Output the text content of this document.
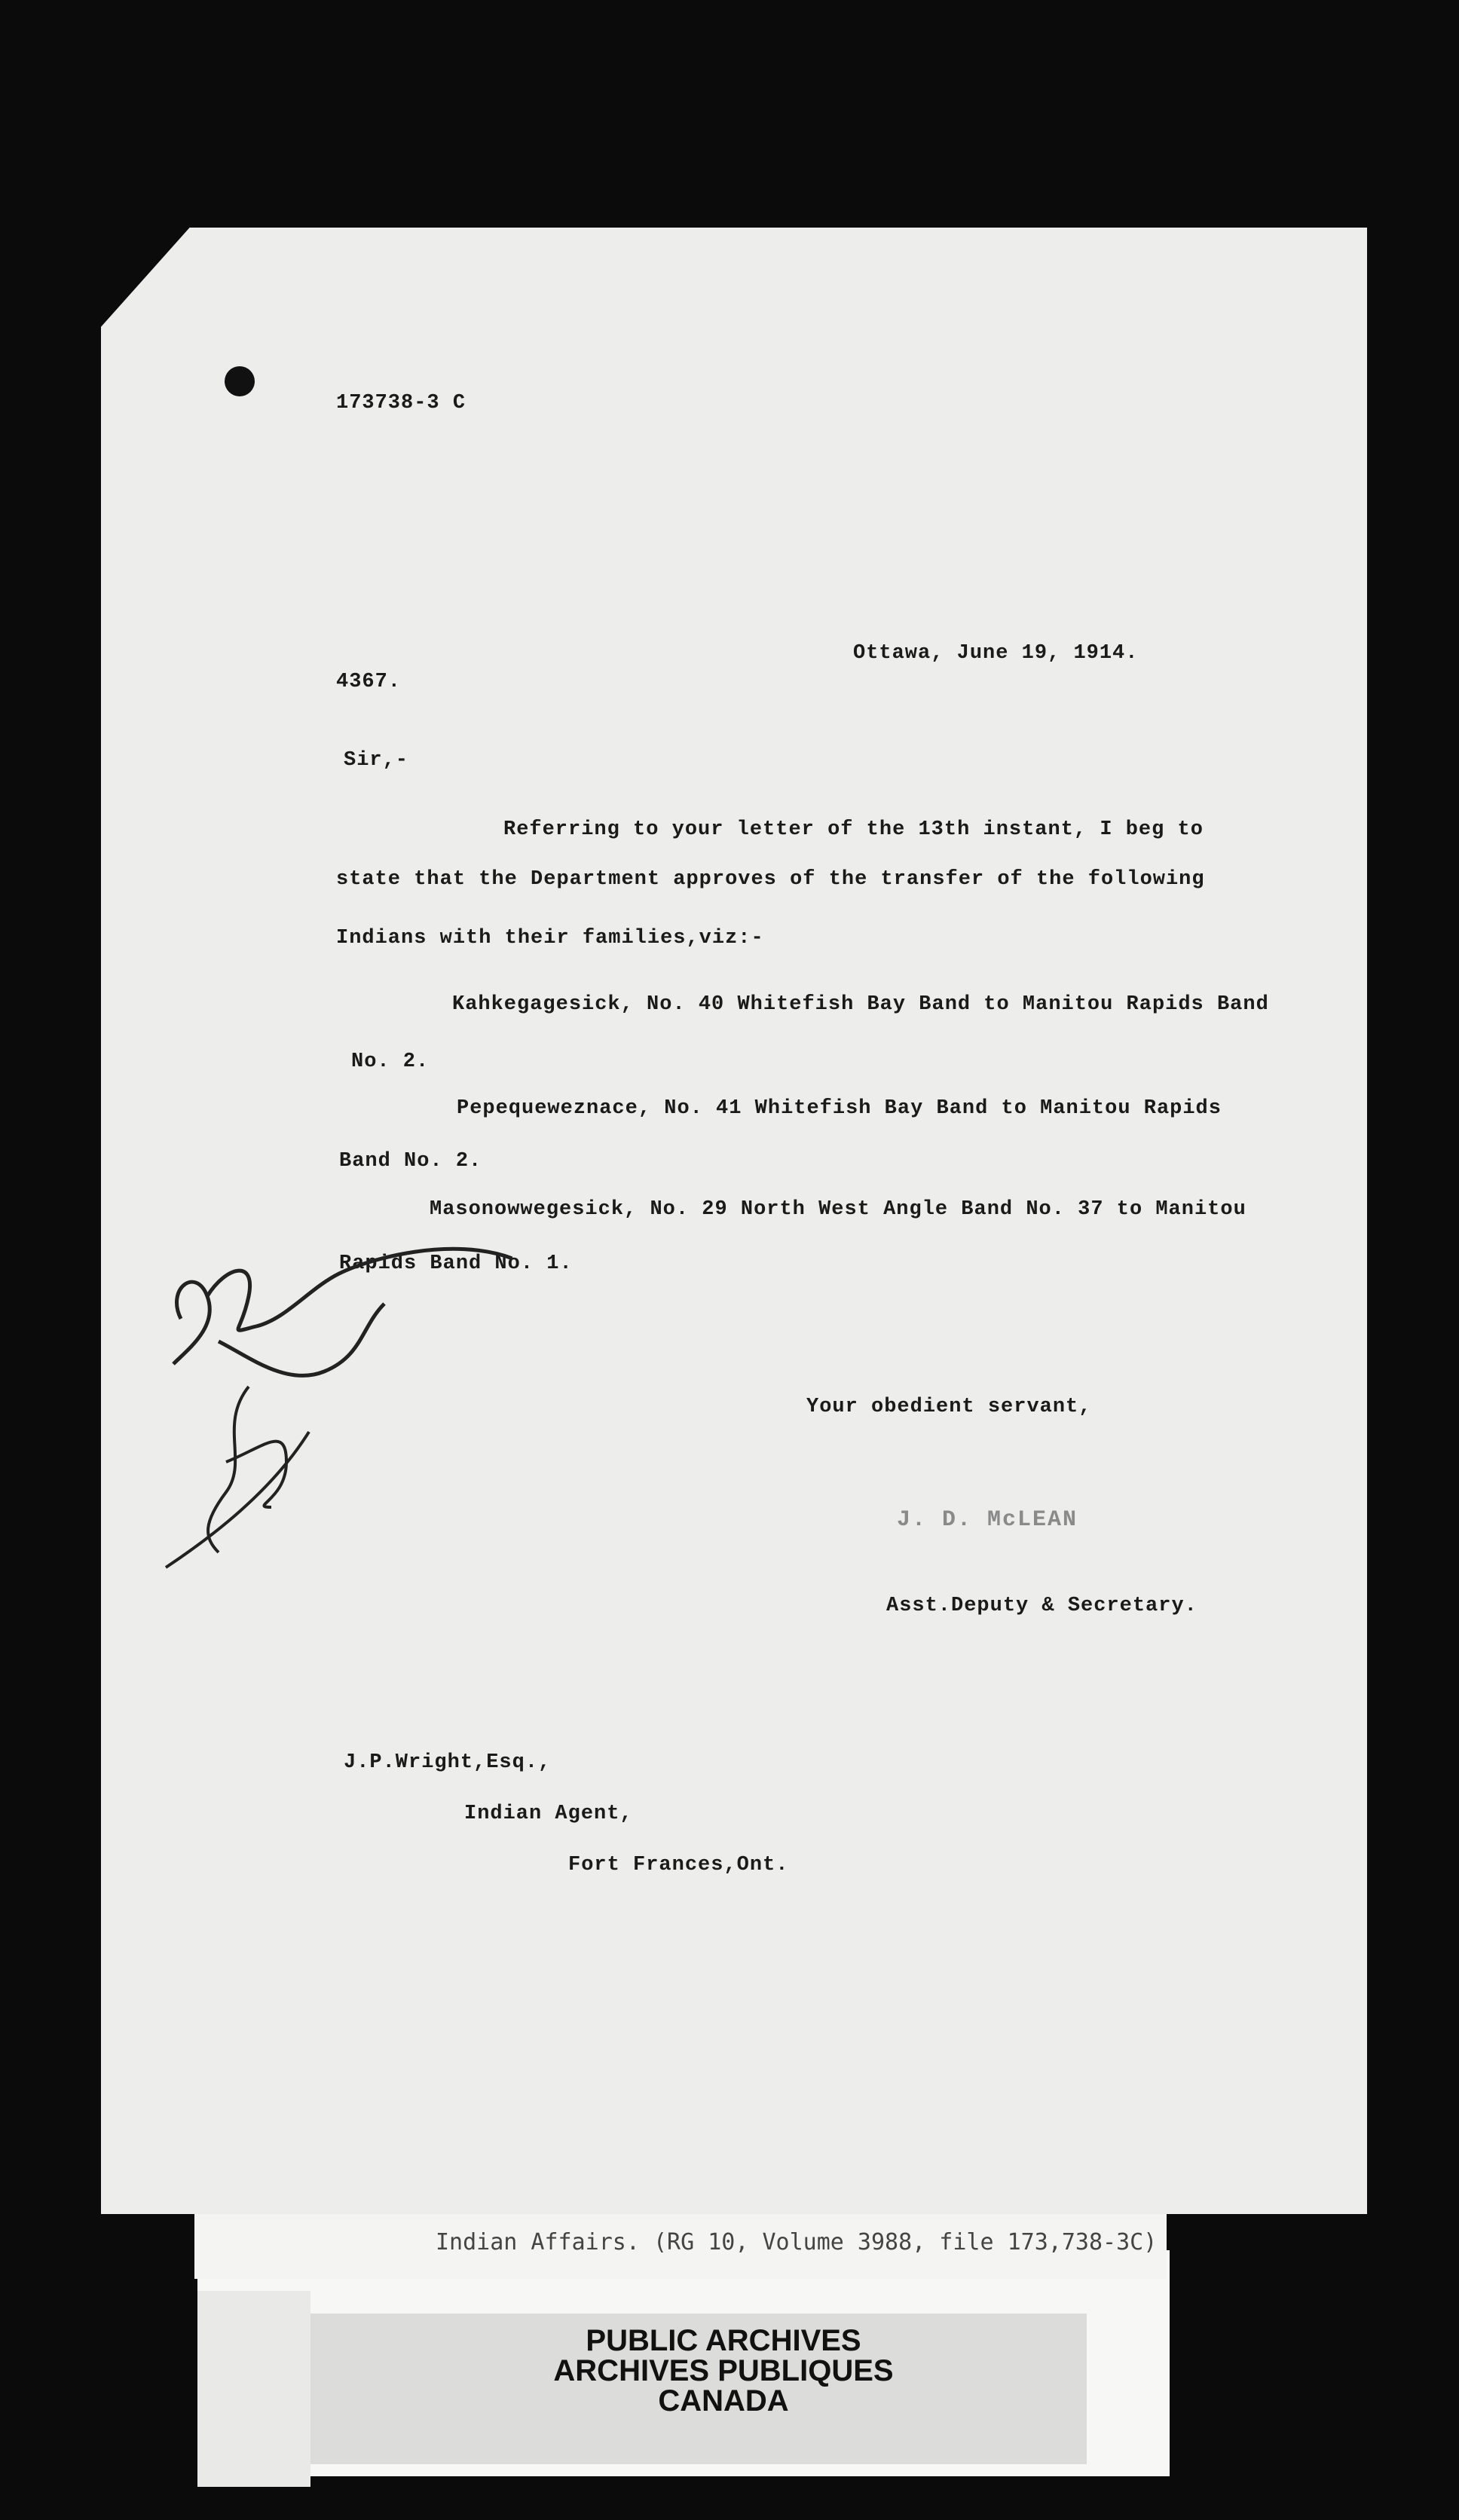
173738-3 C
Ottawa, June 19, 1914.
4367.
Sir,-
Referring to your letter of the 13th instant, I beg to
state that the Department approves of the transfer of the following
Indians with their families,viz:-
Kahkegagesick, No. 40 Whitefish Bay Band to Manitou Rapids Band
No. 2.
Pepequeweznace, No. 41 Whitefish Bay Band to Manitou Rapids
Band No. 2.
Masonowwegesick, No. 29 North West Angle Band No. 37 to Manitou
Rapids Band No. 1.
Your obedient servant,
J. D. McLEAN
Asst.Deputy & Secretary.
J.P.Wright,Esq.,
Indian Agent,
Fort Frances,Ont.
Indian Affairs. (RG 10, Volume 3988, file 173,738-3C)
PUBLIC ARCHIVES
ARCHIVES PUBLIQUES
CANADA
